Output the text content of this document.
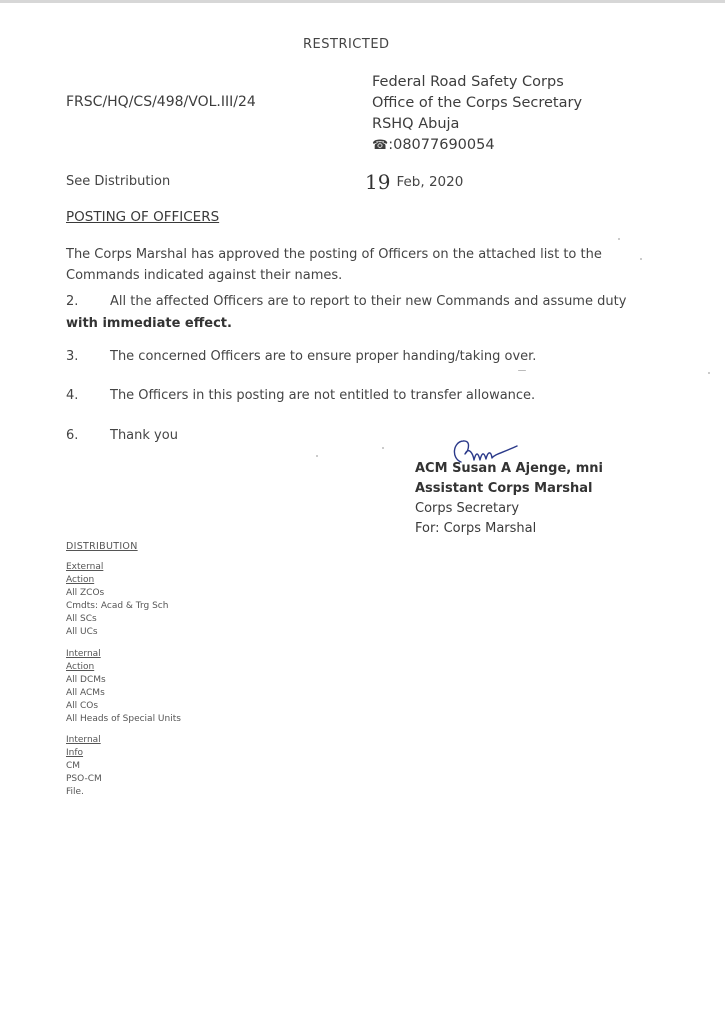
RESTRICTED
FRSC/HQ/CS/498/VOL.III/24
Federal Road Safety Corps
Office of the Corps Secretary
RSHQ Abuja
☎:08077690054
See Distribution	19 Feb, 2020
POSTING OF OFFICERS
The Corps Marshal has approved the posting of Officers on the attached list to the Commands indicated against their names.
2. All the affected Officers are to report to their new Commands and assume duty with immediate effect.
3. The concerned Officers are to ensure proper handing/taking over.
4. The Officers in this posting are not entitled to transfer allowance.
6. Thank you
ACM Susan A Ajenge, mni
Assistant Corps Marshal
Corps Secretary
For: Corps Marshal
DISTRIBUTION
External
Action
All ZCOs
Cmdts: Acad & Trg Sch
All SCs
All UCs
Internal
Action
All DCMs
All ACMs
All COs
All Heads of Special Units
Internal
Info
CM
PSO-CM
File.
